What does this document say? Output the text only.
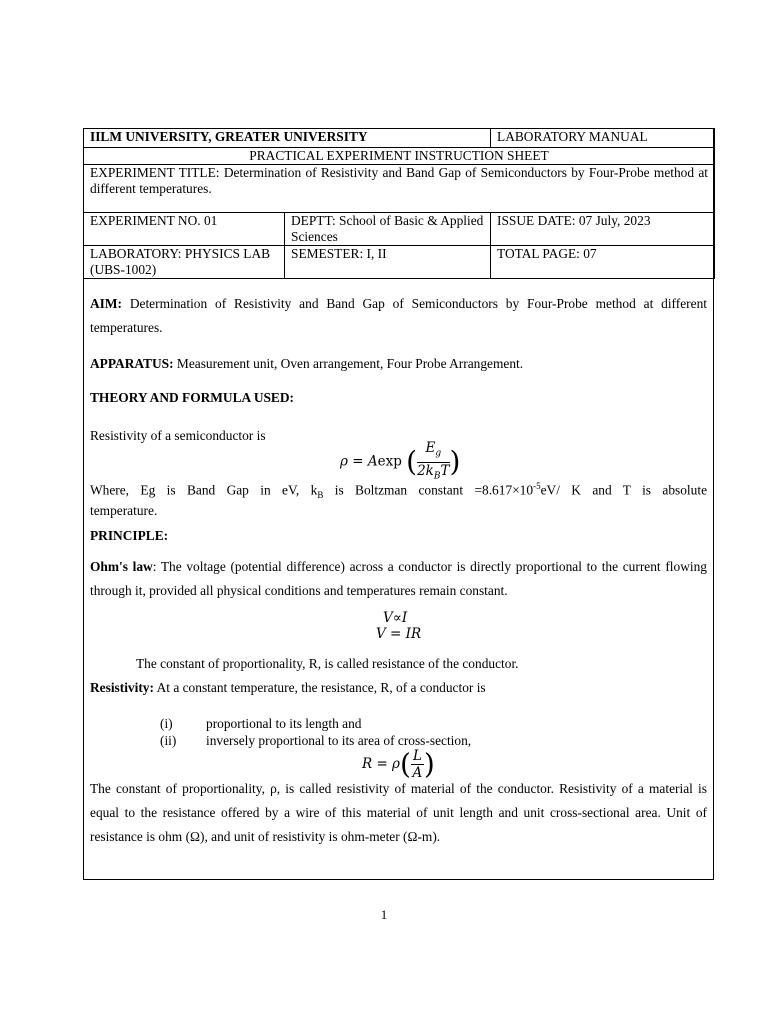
IILM UNIVERSITY, GREATER UNIVERSITY		LABORATORY MANUAL
PRACTICAL EXPERIMENT INSTRUCTION SHEET		
EXPERIMENT TITLE: Determination of Resistivity and Band Gap of Semiconductors by Four-Probe method at different temperatures.		
EXPERIMENT NO. 01	DEPTT: School of Basic & Applied Sciences	ISSUE DATE: 07 July, 2023
LABORATORY: PHYSICS LAB (UBS-1002)	SEMESTER: I, II	TOTAL PAGE: 07
AIM: Determination of Resistivity and Band Gap of Semiconductors by Four-Probe method at different temperatures.
APPARATUS: Measurement unit, Oven arrangement, Four Probe Arrangement.
THEORY AND FORMULA USED:
Resistivity of a semiconductor is
ρ = Aexp ( $\frac{E_g}{2k_BT}$ )
Where, Eg is Band Gap in eV, $k_B$ is Boltzman constant $=8.617\times 10^{-5}eV/$ K and T is absolute
temperature.
PRINCIPLE:
Ohm's law: The voltage (potential difference) across a conductor is directly proportional to the current flowing through it, provided all physical conditions and temperatures remain constant.
V∝I
V = IR
The constant of proportionality, R, is called resistance of the conductor.
Resistivity: At a constant temperature, the resistance, R, of a conductor is
(i) proportional to its length and
(ii) inversely proportional to its area of cross-section,
$R = \rho( \frac{L}{A}$ )
The constant of proportionality, ρ, is called resistivity of material of the conductor. Resistivity of a material is equal to the resistance offered by a wire of this material of unit length and unit cross-sectional area. Unit of resistance is ohm (Ω), and unit of resistivity is ohm-meter (Ω-m).
1
